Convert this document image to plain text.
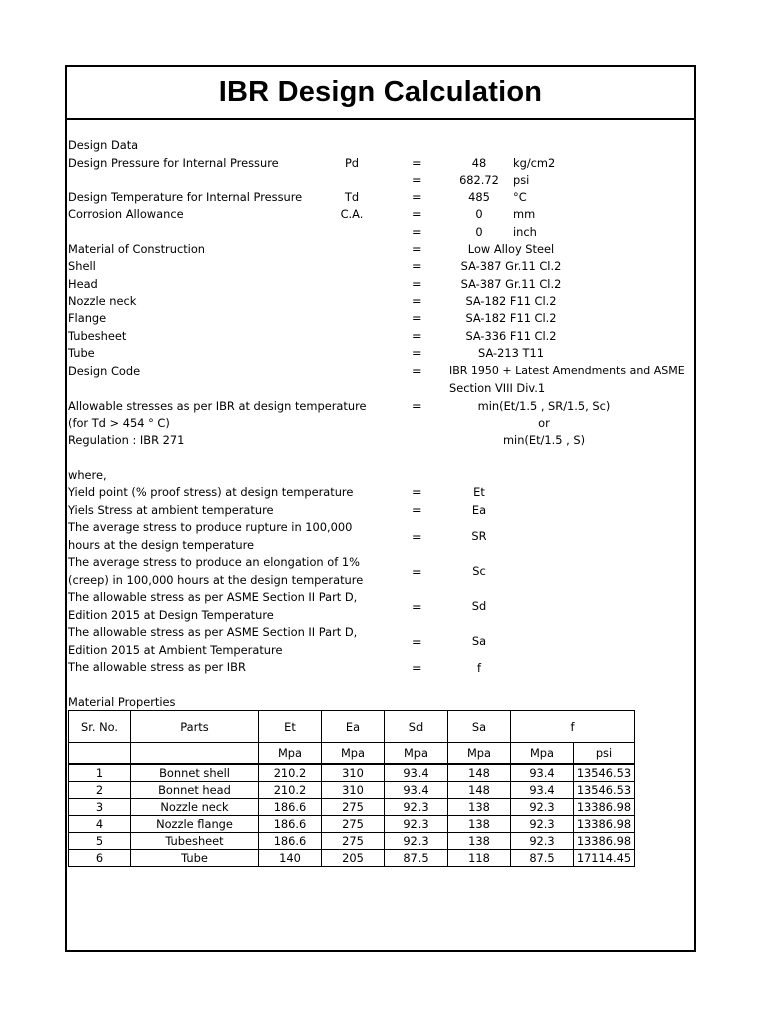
IBR Design Calculation
Design Data
Design Pressure for Internal Pressure	Pd	=	48	kg/cm2
=	682.72	psi
Design Temperature for Internal Pressure	Td	=	485	°C
Corrosion Allowance	C.A.	=	0	mm
=	0	inch
Material of Construction	=	Low Alloy Steel
Shell	=	SA-387 Gr.11 Cl.2
Head	=	SA-387 Gr.11 Cl.2
Nozzle neck	=	SA-182 F11 Cl.2
Flange	=	SA-182 F11 Cl.2
Tubesheet	=	SA-336 F11 Cl.2
Tube	=	SA-213 T11
Design Code	= IBR 1950 + Latest Amendments and ASME
Section VIII Div.1
Allowable stresses as per IBR at design temperature	=	min(Et/1.5 , SR/1.5, Sc)
(for Td > 454 ° C)	or
Regulation : IBR 271	min(Et/1.5 , S)
where,
Yield point (% proof stress) at design temperature	=	Et
Yiels Stress at ambient temperature	=	Ea
The average stress to produce rupture in 100,000
hours at the design temperature
=	SR
The average stress to produce an elongation of 1%
(creep) in 100,000 hours at the design temperature
=	Sc
The allowable stress as per ASME Section II Part D,
Edition 2015 at Design Temperature
=	Sd
The allowable stress as per ASME Section II Part D,
Edition 2015 at Ambient Temperature
=	Sa
The allowable stress as per IBR	=	f
Material Properties
Sr. No.	Parts	Et	Ea	Sd	Sa	f	
		Mpa	Mpa	Mpa	Mpa	Mpa	psi
1	Bonnet shell	210.2	310	93.4	148	93.4	13546.53
2	Bonnet head	210.2	310	93.4	148	93.4	13546.53
3	Nozzle neck	186.6	275	92.3	138	92.3	13386.98
4	Nozzle flange	186.6	275	92.3	138	92.3	13386.98
5	Tubesheet	186.6	275	92.3	138	92.3	13386.98
6	Tube	140	205	87.5	118	87.5	17114.45
